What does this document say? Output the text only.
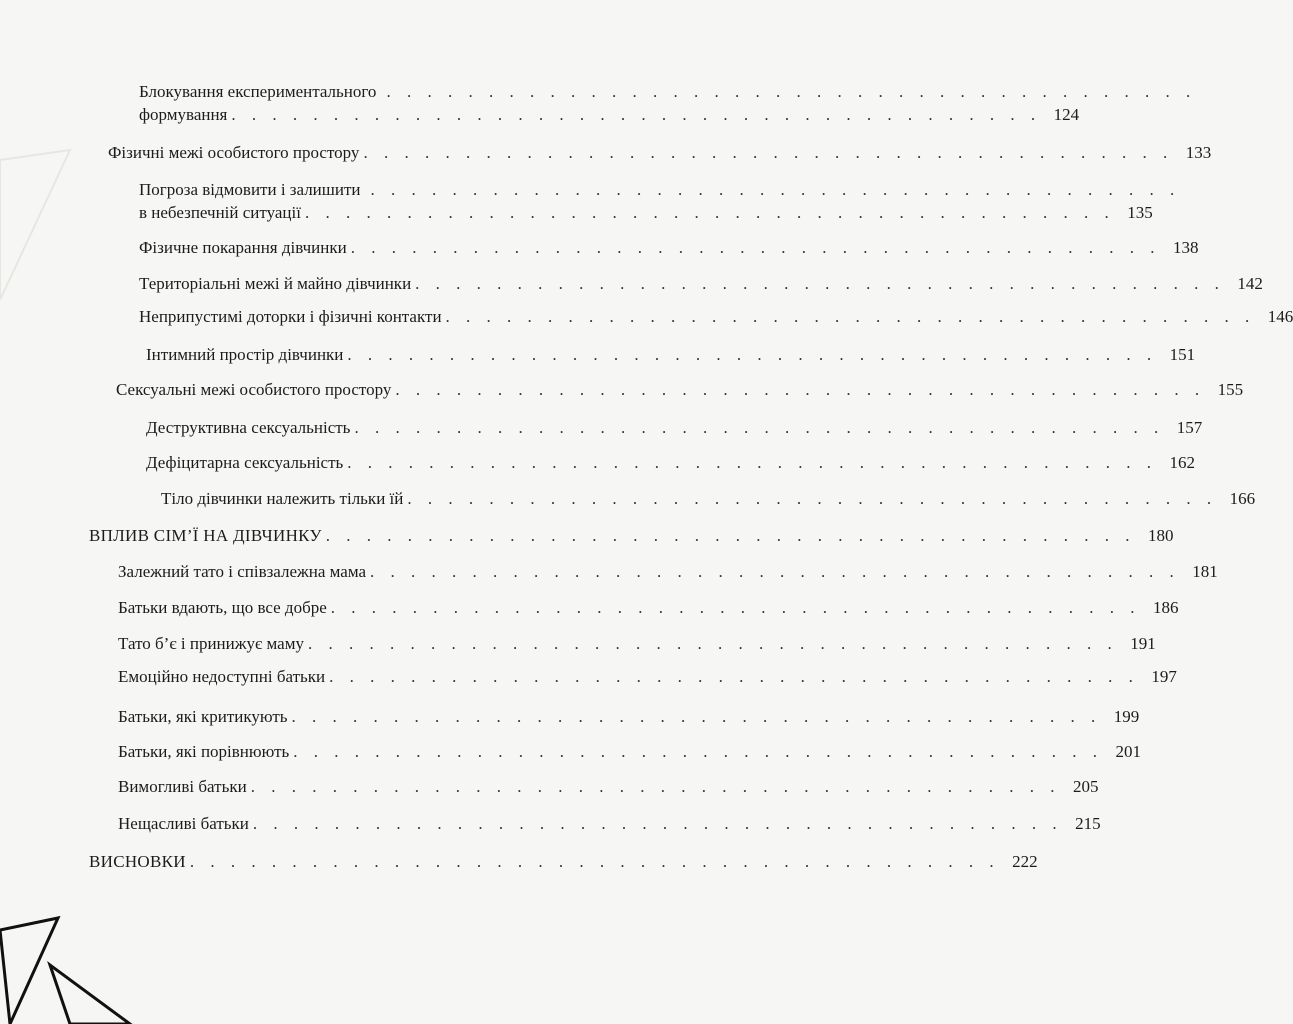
Блокування експериментального . . . . . . . . . . . . . . . . . . . . . . . . . . . . . . . . . . . . . . . .
формування . . . . . . . . . . . . . . . . . . . . . . . . . . . . . . . . . . . . . . . . 124
Фізичні межі особистого простору . . . . . . . . . . . . . . . . . . . . . . . . . . . . . . . . . . . . . . . . 133
Погроза відмовити і залишити . . . . . . . . . . . . . . . . . . . . . . . . . . . . . . . . . . . . . . . .
в небезпечній ситуації . . . . . . . . . . . . . . . . . . . . . . . . . . . . . . . . . . . . . . . . 135
Фізичне покарання дівчинки . . . . . . . . . . . . . . . . . . . . . . . . . . . . . . . . . . . . . . . . 138
Територіальні межі й майно дівчинки . . . . . . . . . . . . . . . . . . . . . . . . . . . . . . . . . . . . . . . . 142
Неприпустимі доторки і фізичні контакти . . . . . . . . . . . . . . . . . . . . . . . . . . . . . . . . . . . . . . . . 146
Інтимний простір дівчинки . . . . . . . . . . . . . . . . . . . . . . . . . . . . . . . . . . . . . . . . 151
Сексуальні межі особистого простору . . . . . . . . . . . . . . . . . . . . . . . . . . . . . . . . . . . . . . . . 155
Деструктивна сексуальність . . . . . . . . . . . . . . . . . . . . . . . . . . . . . . . . . . . . . . . . 157
Дефіцитарна сексуальність . . . . . . . . . . . . . . . . . . . . . . . . . . . . . . . . . . . . . . . . 162
Тіло дівчинки належить тільки їй . . . . . . . . . . . . . . . . . . . . . . . . . . . . . . . . . . . . . . . . 166
ВПЛИВ СІМ’Ї НА ДІВЧИНКУ . . . . . . . . . . . . . . . . . . . . . . . . . . . . . . . . . . . . . . . . 180
Залежний тато і співзалежна мама . . . . . . . . . . . . . . . . . . . . . . . . . . . . . . . . . . . . . . . . 181
Батьки вдають, що все добре . . . . . . . . . . . . . . . . . . . . . . . . . . . . . . . . . . . . . . . . 186
Тато б’є і принижує маму . . . . . . . . . . . . . . . . . . . . . . . . . . . . . . . . . . . . . . . . 191
Емоційно недоступні батьки . . . . . . . . . . . . . . . . . . . . . . . . . . . . . . . . . . . . . . . . 197
Батьки, які критикують . . . . . . . . . . . . . . . . . . . . . . . . . . . . . . . . . . . . . . . . 199
Батьки, які порівнюють . . . . . . . . . . . . . . . . . . . . . . . . . . . . . . . . . . . . . . . . 201
Вимогливі батьки . . . . . . . . . . . . . . . . . . . . . . . . . . . . . . . . . . . . . . . . 205
Нещасливі батьки . . . . . . . . . . . . . . . . . . . . . . . . . . . . . . . . . . . . . . . . 215
ВИСНОВКИ . . . . . . . . . . . . . . . . . . . . . . . . . . . . . . . . . . . . . . . . 222
